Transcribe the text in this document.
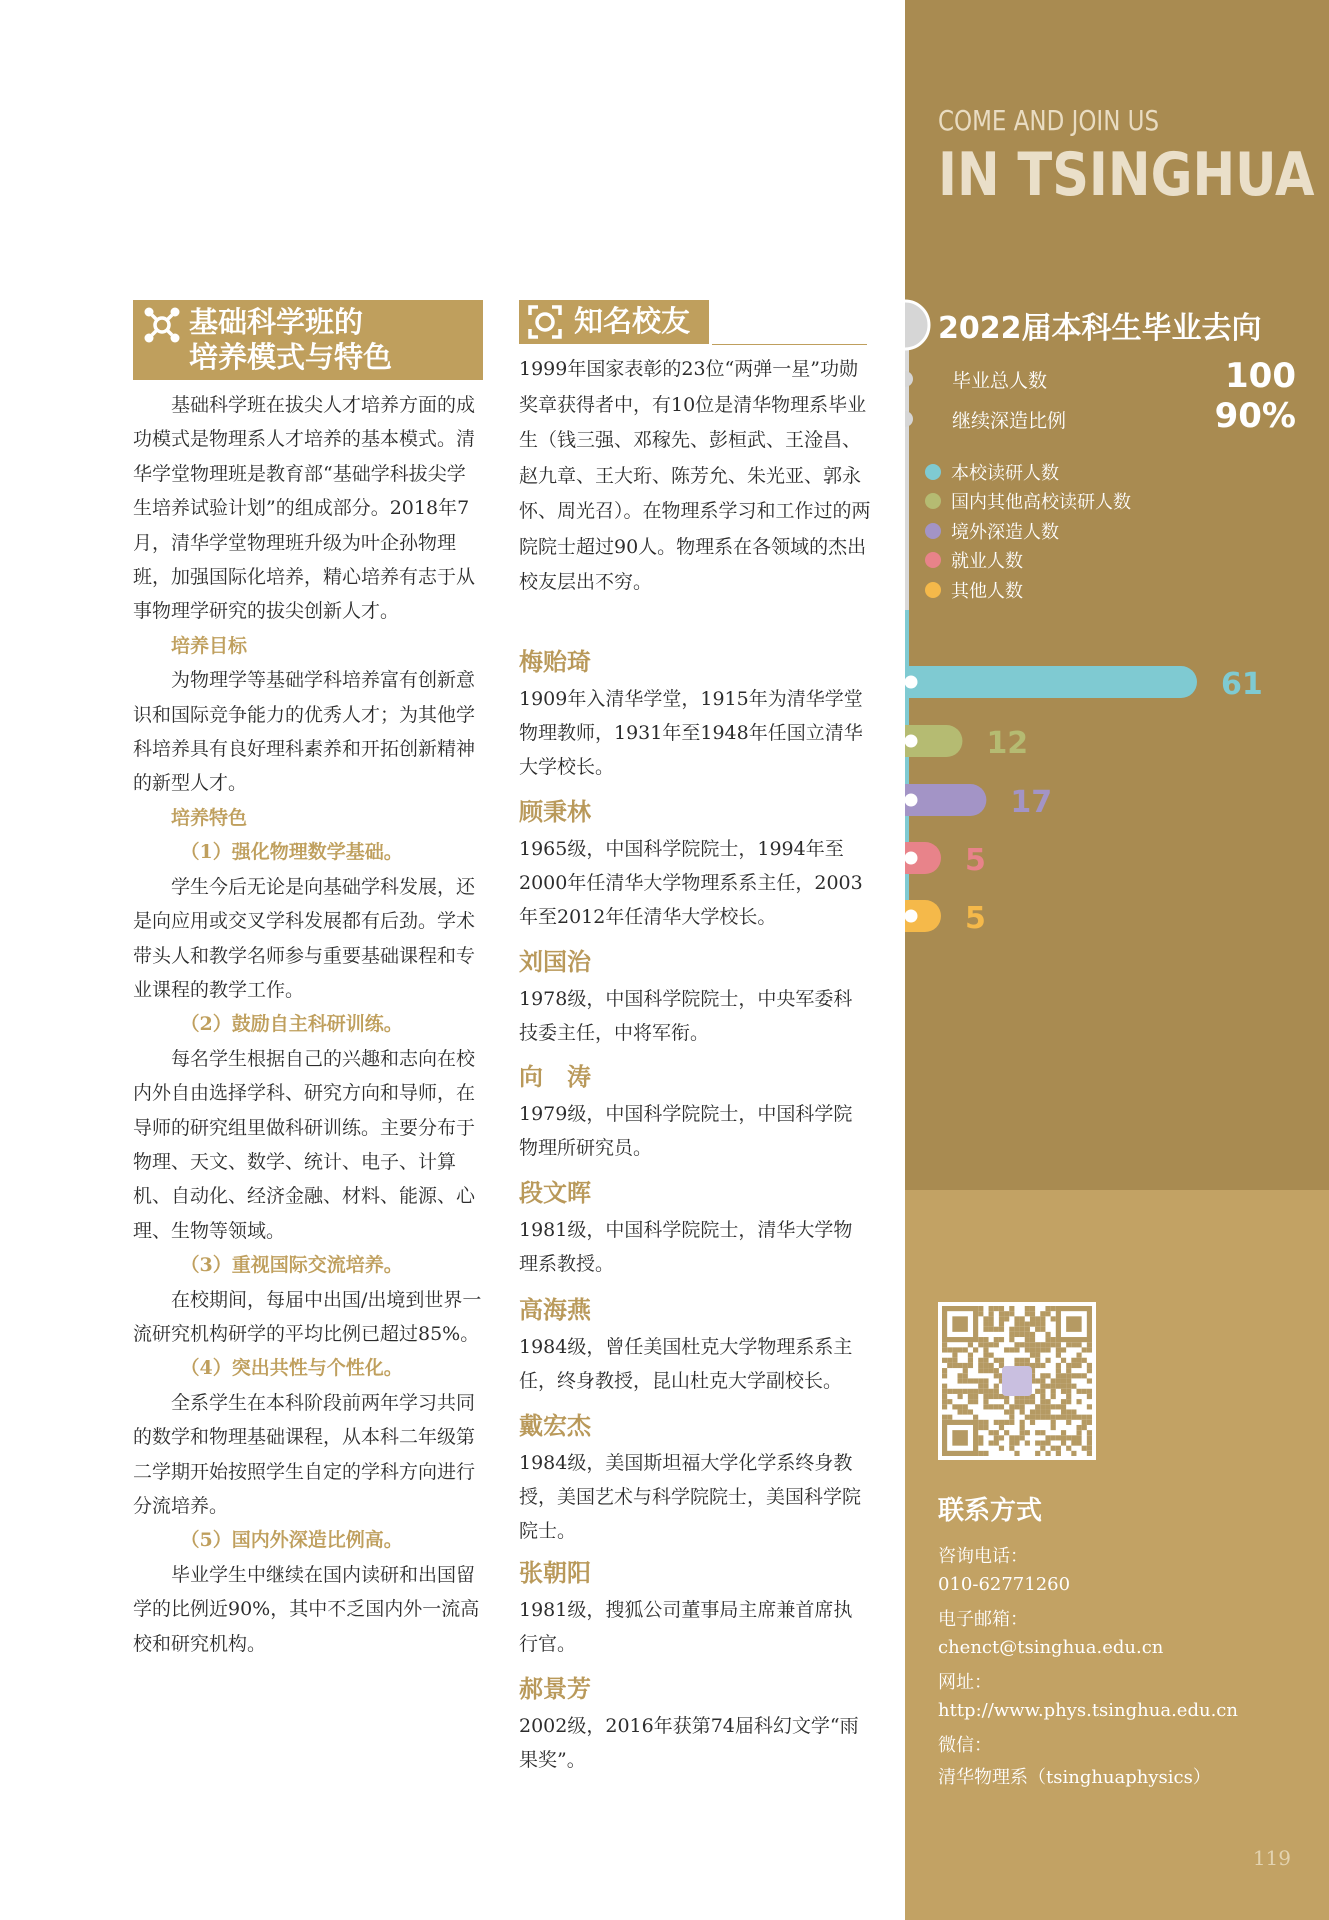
基础科学班的
培养模式与特色

基础科学班在拔尖人才培养方面的成功模式是物理系人才培养的基本模式。清华学堂物理班是教育部“基础学科拔尖学生培养试验计划”的组成部分。2018年7月，清华学堂物理班升级为叶企孙物理班，加强国际化培养，精心培养有志于从事物理学研究的拔尖创新人才。

培养目标

为物理学等基础学科培养富有创新意识和国际竞争能力的优秀人才；为其他学科培养具有良好理科素养和开拓创新精神的新型人才。

培养特色

（1）强化物理数学基础。

学生今后无论是向基础学科发展，还是向应用或交叉学科发展都有后劲。学术带头人和教学名师参与重要基础课程和专业课程的教学工作。

（2）鼓励自主科研训练。

每名学生根据自己的兴趣和志向在校内外自由选择学科、研究方向和导师，在导师的研究组里做科研训练。主要分布于物理、天文、数学、统计、电子、计算机、自动化、经济金融、材料、能源、心理、生物等领域。

（3）重视国际交流培养。

在校期间，每届中出国/出境到世界一流研究机构研学的平均比例已超过85%。

（4）突出共性与个性化。

全系学生在本科阶段前两年学习共同的数学和物理基础课程，从本科二年级第二学期开始按照学生自定的学科方向进行分流培养。

（5）国内外深造比例高。

毕业学生中继续在国内读研和出国留学的比例近90%，其中不乏国内外一流高校和研究机构。

知名校友
1999年国家表彰的23位“两弹一星”功勋奖章获得者中，有10位是清华物理系毕业生（钱三强、邓稼先、彭桓武、王淦昌、赵九章、王大珩、陈芳允、朱光亚、郭永怀、周光召）。在物理系学习和工作过的两院院士超过90人。物理系在各领域的杰出校友层出不穷。
梅贻琦
1909年入清华学堂，1915年为清华学堂物理教师，1931年至1948年任国立清华大学校长。
顾秉林
1965级，中国科学院院士，1994年至2000年任清华大学物理系系主任，2003年至2012年任清华大学校长。
刘国治
1978级，中国科学院院士，中央军委科技委主任，中将军衔。
向　涛
1979级，中国科学院院士，中国科学院物理所研究员。
段文晖
1981级，中国科学院院士，清华大学物理系教授。
高海燕
1984级，曾任美国杜克大学物理系系主任，终身教授，昆山杜克大学副校长。
戴宏杰
1984级，美国斯坦福大学化学系终身教授，美国艺术与科学院院士，美国科学院院士。
张朝阳
1981级，搜狐公司董事局主席兼首席执行官。
郝景芳
2002级，2016年获第74届科幻文学“雨果奖”。
COME AND JOIN US
IN TSINGHUA
61
12
17
5
5
2022届本科生毕业去向
毕业总人数	100
继续深造比例	90%
本校读研人数
国内其他高校读研人数
境外深造人数
就业人数
其他人数
联系方式
咨询电话：
010-62771260
电子邮箱：
chenct@tsinghua.edu.cn
网址：
http://www.phys.tsinghua.edu.cn
微信：
清华物理系（tsinghuaphysics）
119
